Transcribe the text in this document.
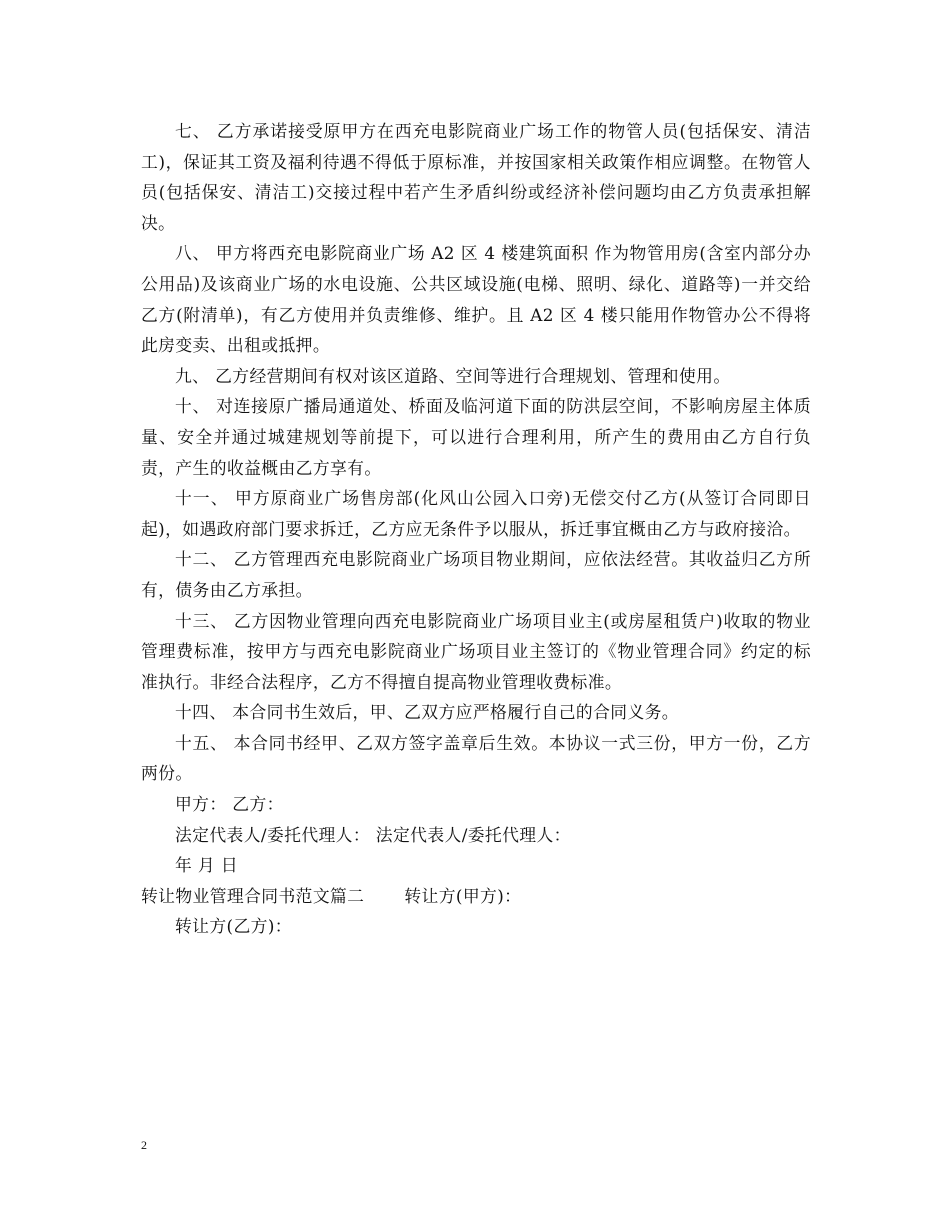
七、 乙方承诺接受原甲方在西充电影院商业广场工作的物管人员(包括保安、清洁工)，保证其工资及福利待遇不得低于原标准，并按国家相关政策作相应调整。在物管人员(包括保安、清洁工)交接过程中若产生矛盾纠纷或经济补偿问题均由乙方负责承担解决。

八、 甲方将西充电影院商业广场 A2 区 4 楼建筑面积 作为物管用房(含室内部分办公用品)及该商业广场的水电设施、公共区域设施(电梯、照明、绿化、道路等)一并交给乙方(附清单)，有乙方使用并负责维修、维护。且 A2 区 4 楼只能用作物管办公不得将此房变卖、出租或抵押。

九、 乙方经营期间有权对该区道路、空间等进行合理规划、管理和使用。

十、 对连接原广播局通道处、桥面及临河道下面的防洪层空间，不影响房屋主体质量、安全并通过城建规划等前提下，可以进行合理利用，所产生的费用由乙方自行负责，产生的收益概由乙方享有。

十一、 甲方原商业广场售房部(化风山公园入口旁)无偿交付乙方(从签订合同即日起)，如遇政府部门要求拆迁，乙方应无条件予以服从，拆迁事宜概由乙方与政府接洽。

十二、 乙方管理西充电影院商业广场项目物业期间，应依法经营。其收益归乙方所有，债务由乙方承担。

十三、 乙方因物业管理向西充电影院商业广场项目业主(或房屋租赁户)收取的物业管理费标准，按甲方与西充电影院商业广场项目业主签订的《物业管理合同》约定的标准执行。非经合法程序，乙方不得擅自提高物业管理收费标准。

十四、 本合同书生效后，甲、乙双方应严格履行自己的合同义务。

十五、 本合同书经甲、乙双方签字盖章后生效。本协议一式三份，甲方一份，乙方两份。

甲方： 乙方：

法定代表人/委托代理人： 法定代表人/委托代理人：

年 月 日

转让物业管理合同书范文篇二 转让方(甲方)：

转让方(乙方)：

2
